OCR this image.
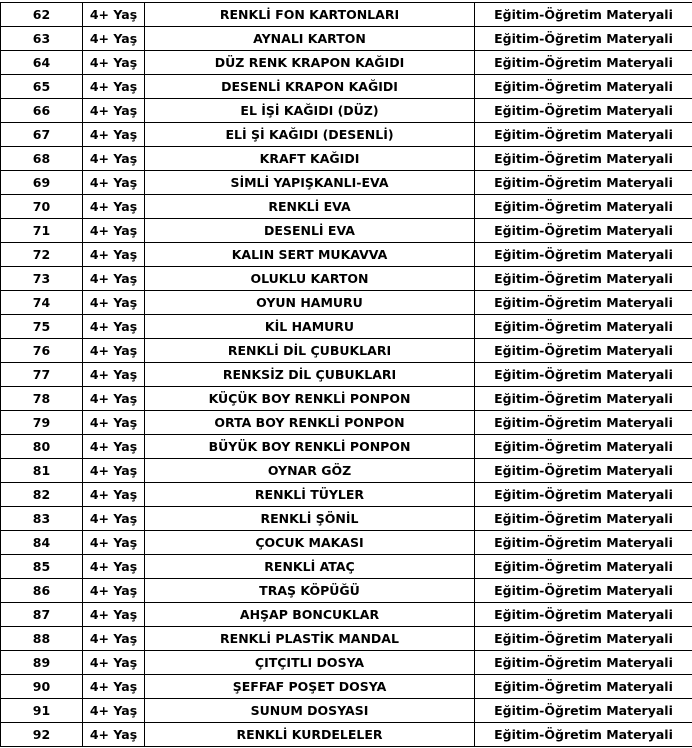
62	4+ Yaş	RENKLİ FON KARTONLARI	Eğitim-Öğretim Materyali
63	4+ Yaş	AYNALI KARTON	Eğitim-Öğretim Materyali
64	4+ Yaş	DÜZ RENK KRAPON KAĞIDI	Eğitim-Öğretim Materyali
65	4+ Yaş	DESENLİ KRAPON KAĞIDI	Eğitim-Öğretim Materyali
66	4+ Yaş	EL İŞİ KAĞIDI (DÜZ)	Eğitim-Öğretim Materyali
67	4+ Yaş	ELİ Şİ KAĞIDI (DESENLİ)	Eğitim-Öğretim Materyali
68	4+ Yaş	KRAFT KAĞIDI	Eğitim-Öğretim Materyali
69	4+ Yaş	SİMLİ YAPIŞKANLI-EVA	Eğitim-Öğretim Materyali
70	4+ Yaş	RENKLİ EVA	Eğitim-Öğretim Materyali
71	4+ Yaş	DESENLİ EVA	Eğitim-Öğretim Materyali
72	4+ Yaş	KALIN SERT MUKAVVA	Eğitim-Öğretim Materyali
73	4+ Yaş	OLUKLU KARTON	Eğitim-Öğretim Materyali
74	4+ Yaş	OYUN HAMURU	Eğitim-Öğretim Materyali
75	4+ Yaş	KİL HAMURU	Eğitim-Öğretim Materyali
76	4+ Yaş	RENKLİ DİL ÇUBUKLARI	Eğitim-Öğretim Materyali
77	4+ Yaş	RENKSİZ DİL ÇUBUKLARI	Eğitim-Öğretim Materyali
78	4+ Yaş	KÜÇÜK BOY RENKLİ PONPON	Eğitim-Öğretim Materyali
79	4+ Yaş	ORTA BOY RENKLİ PONPON	Eğitim-Öğretim Materyali
80	4+ Yaş	BÜYÜK BOY RENKLİ PONPON	Eğitim-Öğretim Materyali
81	4+ Yaş	OYNAR GÖZ	Eğitim-Öğretim Materyali
82	4+ Yaş	RENKLİ TÜYLER	Eğitim-Öğretim Materyali
83	4+ Yaş	RENKLİ ŞÖNİL	Eğitim-Öğretim Materyali
84	4+ Yaş	ÇOCUK MAKASI	Eğitim-Öğretim Materyali
85	4+ Yaş	RENKLİ ATAÇ	Eğitim-Öğretim Materyali
86	4+ Yaş	TRAŞ KÖPÜĞÜ	Eğitim-Öğretim Materyali
87	4+ Yaş	AHŞAP BONCUKLAR	Eğitim-Öğretim Materyali
88	4+ Yaş	RENKLİ PLASTİK MANDAL	Eğitim-Öğretim Materyali
89	4+ Yaş	ÇITÇITLI DOSYA	Eğitim-Öğretim Materyali
90	4+ Yaş	ŞEFFAF POŞET DOSYA	Eğitim-Öğretim Materyali
91	4+ Yaş	SUNUM DOSYASI	Eğitim-Öğretim Materyali
92	4+ Yaş	RENKLİ KURDELELER	Eğitim-Öğretim Materyali
